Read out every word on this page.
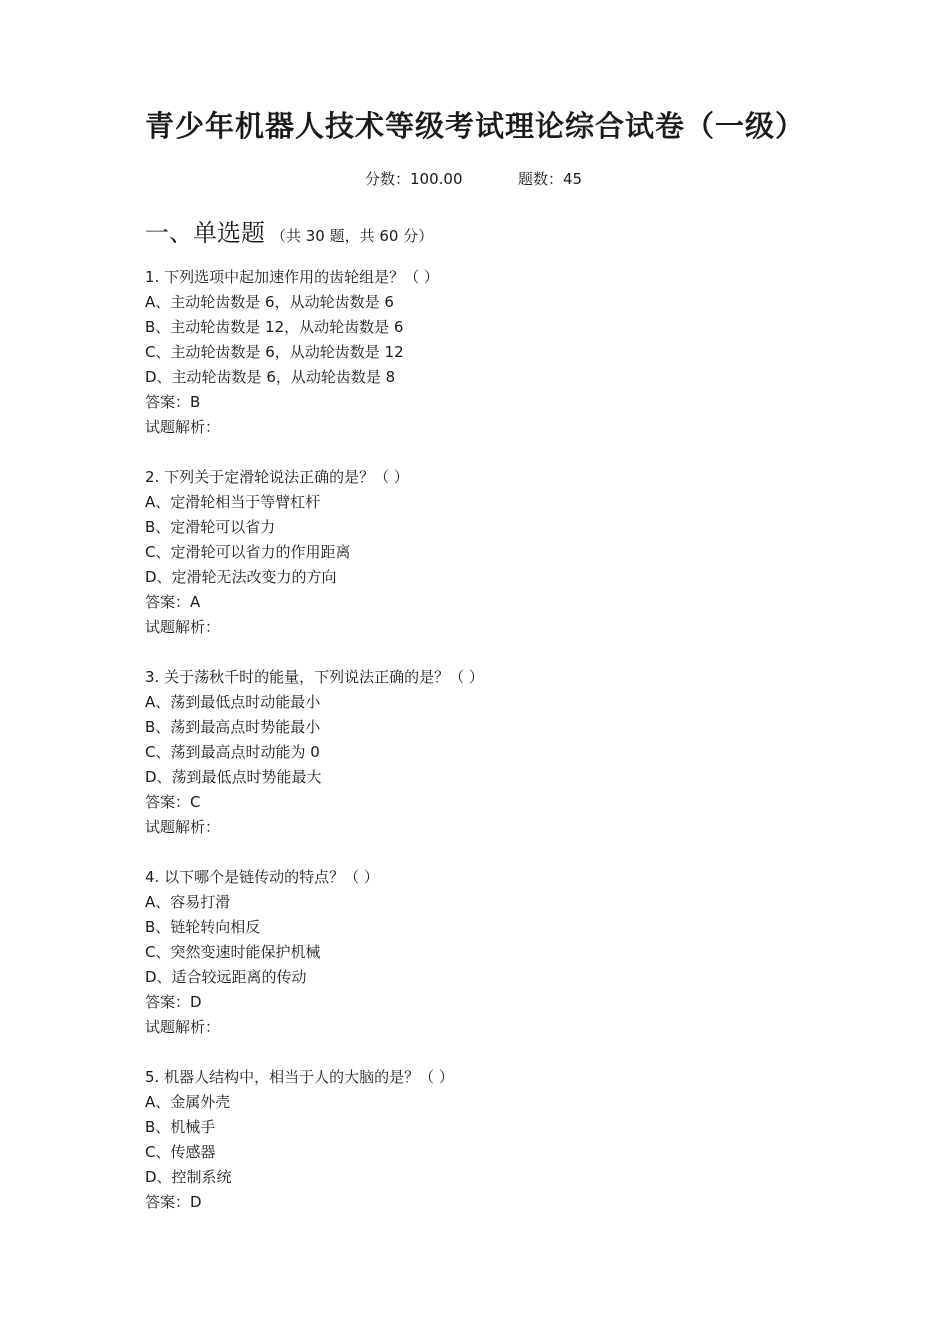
青少年机器人技术等级考试理论综合试卷（一级）
分数：100.00	题数：45
一、单选题 （共 30 题，共 60 分）
1. 下列选项中起加速作用的齿轮组是？（ ）
A、主动轮齿数是 6，从动轮齿数是 6
B、主动轮齿数是 12，从动轮齿数是 6
C、主动轮齿数是 6，从动轮齿数是 12
D、主动轮齿数是 6，从动轮齿数是 8
答案：B
试题解析：
2. 下列关于定滑轮说法正确的是？（ ）
A、定滑轮相当于等臂杠杆
B、定滑轮可以省力
C、定滑轮可以省力的作用距离
D、定滑轮无法改变力的方向
答案：A
试题解析：
3. 关于荡秋千时的能量，下列说法正确的是？（ ）
A、荡到最低点时动能最小
B、荡到最高点时势能最小
C、荡到最高点时动能为 0
D、荡到最低点时势能最大
答案：C
试题解析：
4. 以下哪个是链传动的特点？（ ）
A、容易打滑
B、链轮转向相反
C、突然变速时能保护机械
D、适合较远距离的传动
答案：D
试题解析：
5. 机器人结构中，相当于人的大脑的是？（ ）
A、金属外壳
B、机械手
C、传感器
D、控制系统
答案：D
